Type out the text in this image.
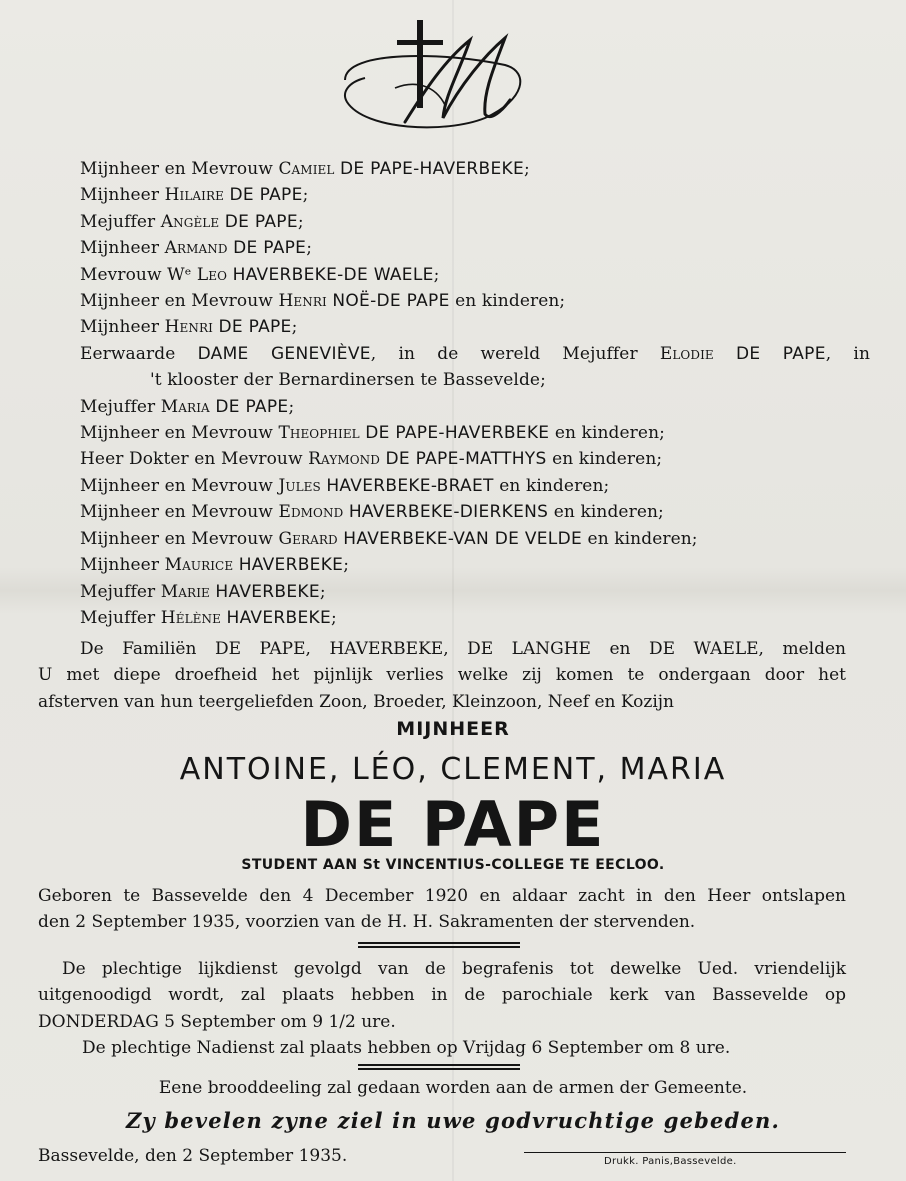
Mijnheer en Mevrouw Camiel DE PAPE-HAVERBEKE;
Mijnheer Hilaire DE PAPE;
Mejuffer Angèle DE PAPE;
Mijnheer Armand DE PAPE;
Mevrouw Wᵉ Leo HAVERBEKE-DE WAELE;
Mijnheer en Mevrouw Henri NOË-DE PAPE en kinderen;
Mijnheer Henri DE PAPE;
Eerwaarde DAME GENEVIÈVE, in de wereld Mejuffer Elodie DE PAPE, in
't klooster der Bernardinersen te Bassevelde;
Mejuffer Maria DE PAPE;
Mijnheer en Mevrouw Theophiel DE PAPE-HAVERBEKE en kinderen;
Heer Dokter en Mevrouw Raymond DE PAPE-MATTHYS en kinderen;
Mijnheer en Mevrouw Jules HAVERBEKE-BRAET en kinderen;
Mijnheer en Mevrouw Edmond HAVERBEKE-DIERKENS en kinderen;
Mijnheer en Mevrouw Gerard HAVERBEKE-VAN DE VELDE en kinderen;
Mijnheer Maurice HAVERBEKE;
Mejuffer Marie HAVERBEKE;
Mejuffer Hélène HAVERBEKE;
De Familiën DE PAPE, HAVERBEKE, DE LANGHE en DE WAELE, melden
U met diepe droefheid het pijnlijk verlies welke zij komen te ondergaan door het
afsterven van hun teergeliefden Zoon, Broeder, Kleinzoon, Neef en Kozijn
MIJNHEER
ANTOINE, LÉO, CLEMENT, MARIA
DE PAPE
STUDENT AAN St VINCENTIUS-COLLEGE TE EECLOO.
Geboren te Bassevelde den 4 December 1920 en aldaar zacht in den Heer ontslapen
den 2 September 1935, voorzien van de H. H. Sakramenten der stervenden.
De plechtige lijkdienst gevolgd van de begrafenis tot dewelke Ued. vriendelijk
uitgenoodigd wordt, zal plaats hebben in de parochiale kerk van Bassevelde op
DONDERDAG 5 September om 9 1/2 ure.
De plechtige Nadienst zal plaats hebben op Vrijdag 6 September om 8 ure.
Eene brooddeeling zal gedaan worden aan de armen der Gemeente.
Zy bevelen zyne ziel in uwe godvruchtige gebeden.
Bassevelde, den 2 September 1935.	Drukk. Panis,Bassevelde.
